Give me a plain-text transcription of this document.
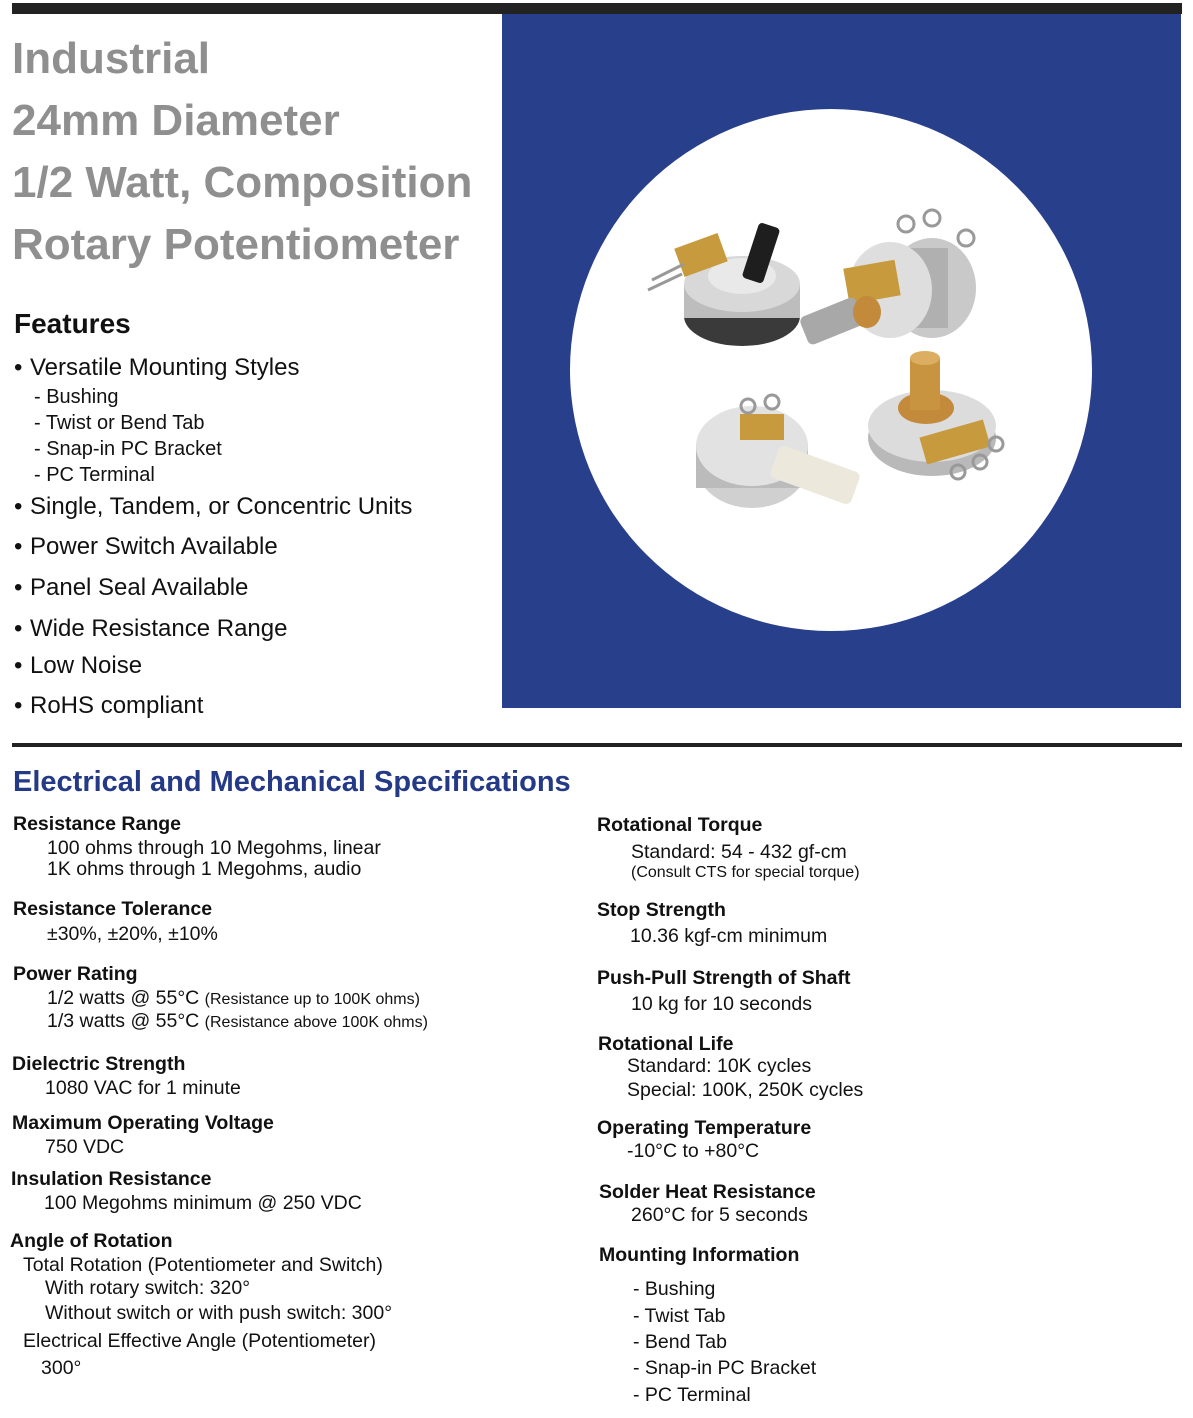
Industrial
24mm Diameter
1/2 Watt, Composition
Rotary Potentiometer
Features
• Versatile Mounting Styles
- Bushing
- Twist or Bend Tab
- Snap-in PC Bracket
- PC Terminal
• Single, Tandem, or Concentric Units
• Power Switch Available
• Panel Seal Available
• Wide Resistance Range
• Low Noise
• RoHS compliant
Electrical and Mechanical Specifications
Resistance Range
100 ohms through 10 Megohms, linear
1K ohms through 1 Megohms, audio
Resistance Tolerance
±30%, ±20%, ±10%
Power Rating
1/2 watts @ 55°C (Resistance up to 100K ohms)
1/3 watts @ 55°C (Resistance above 100K ohms)
Dielectric Strength
1080 VAC for 1 minute
Maximum Operating Voltage
750 VDC
Insulation Resistance
100 Megohms minimum @ 250 VDC
Angle of Rotation
Total Rotation (Potentiometer and Switch)
With rotary switch: 320°
Without switch or with push switch: 300°
Electrical Effective Angle (Potentiometer)
300°
Rotational Torque
Standard: 54 - 432 gf-cm
(Consult CTS for special torque)
Stop Strength
10.36 kgf-cm minimum
Push-Pull Strength of Shaft
10 kg for 10 seconds
Rotational Life
Standard: 10K cycles
Special: 100K, 250K cycles
Operating Temperature
-10°C to +80°C
Solder Heat Resistance
260°C for 5 seconds
Mounting Information
- Bushing
- Twist Tab
- Bend Tab
- Snap-in PC Bracket
- PC Terminal
